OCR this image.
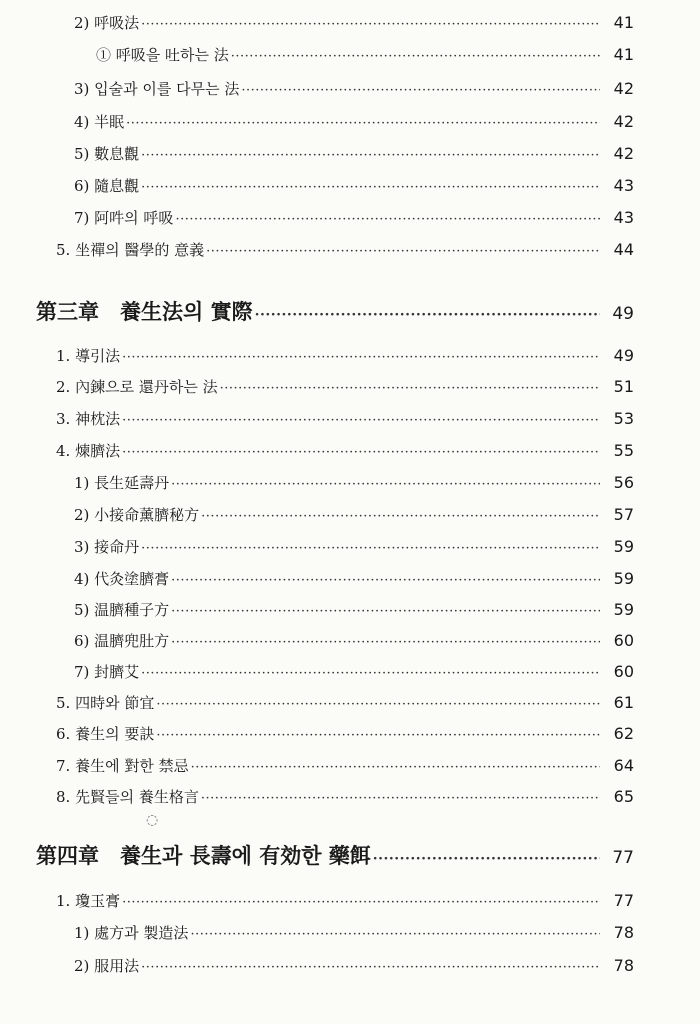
2) 呼吸法 ·····	41
① 呼吸을 吐하는 法 ·····	41
3) 입술과 이를 다무는 法 ·····	42
4) 半眠 ·····	42
5) 數息觀 ·····	42
6) 隨息觀 ·····	43
7) 阿吽의 呼吸 ·····	43
5. 坐禪의 醫學的 意義 ·····	44
第三章　養生法의 實際 ·····	49
1. 導引法 ·····	49
2. 內鍊으로 還丹하는 法 ·····	51
3. 神枕法 ·····	53
4. 煉臍法 ·····	55
1) 長生延壽丹 ·····	56
2) 小接命薰臍秘方 ·····	57
3) 接命丹 ·····	59
4) 代灸塗臍膏 ·····	59
5) 温臍種子方 ·····	59
6) 温臍兜肚方 ·····	60
7) 封臍艾 ·····	60
5. 四時와 節宜 ·····	61
6. 養生의 要訣 ·····	62
7. 養生에 對한 禁忌 ·····	64
8. 先賢들의 養生格言 ·····	65
◌
第四章　養生과 長壽에 有効한 藥餌 ·····	77
1. 瓊玉膏 ·····	77
1) 處方과 製造法 ·····	78
2) 服用法 ·····	78
